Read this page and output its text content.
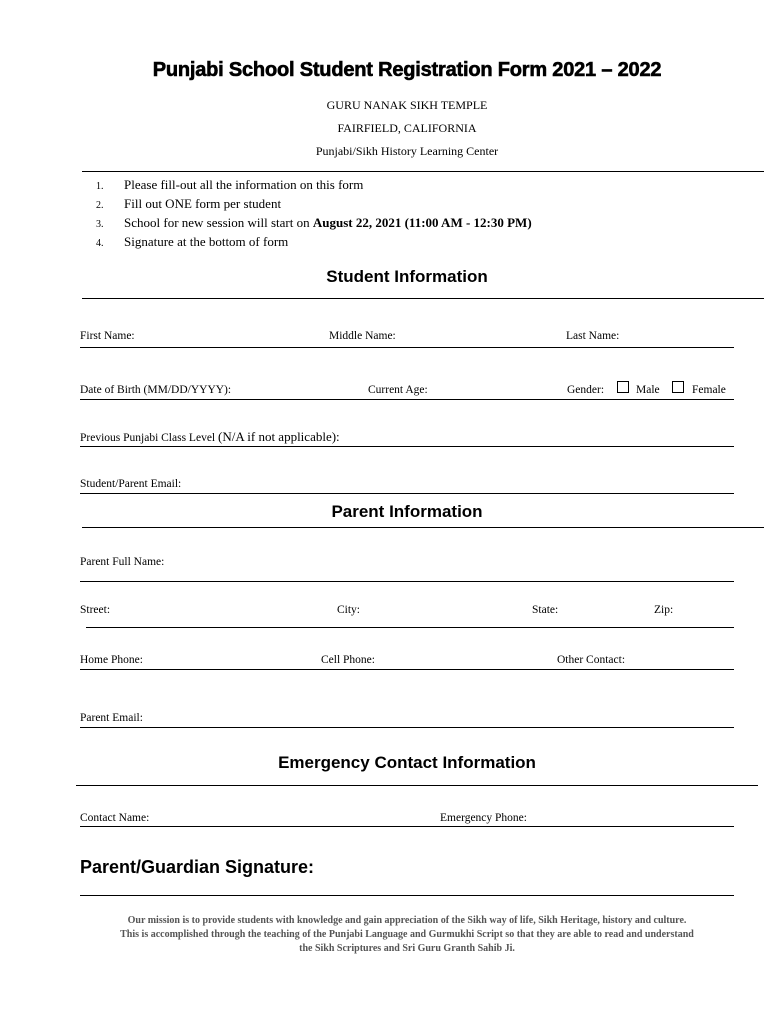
Punjabi School Student Registration Form 2021 – 2022
GURU NANAK SIKH TEMPLE
FAIRFIELD, CALIFORNIA
Punjabi/Sikh History Learning Center
1.	Please fill-out all the information on this form
2.	Fill out ONE form per student
3.	School for new session will start on
August 22, 2021 (11:00 AM - 12:30 PM)
4.	Signature at the bottom of form
Student Information
First Name:	Middle Name:	Last Name:
Date of Birth (MM/DD/YYYY):	Current Age:	Gender:	Male	Female
Previous Punjabi Class Level (N/A if not applicable):
Student/Parent Email:
Parent Information
Parent Full Name:
Street:	City:	State:	Zip:
Home Phone:	Cell Phone:	Other Contact:
Parent Email:
Emergency Contact Information
Contact Name:	Emergency Phone:
Parent/Guardian Signature:
Our mission is to provide students with knowledge and gain appreciation of the Sikh way of life, Sikh Heritage, history and culture.
This is accomplished through the teaching of the Punjabi Language and Gurmukhi Script so that they are able to read and understand
the Sikh Scriptures and Sri Guru Granth Sahib Ji.
